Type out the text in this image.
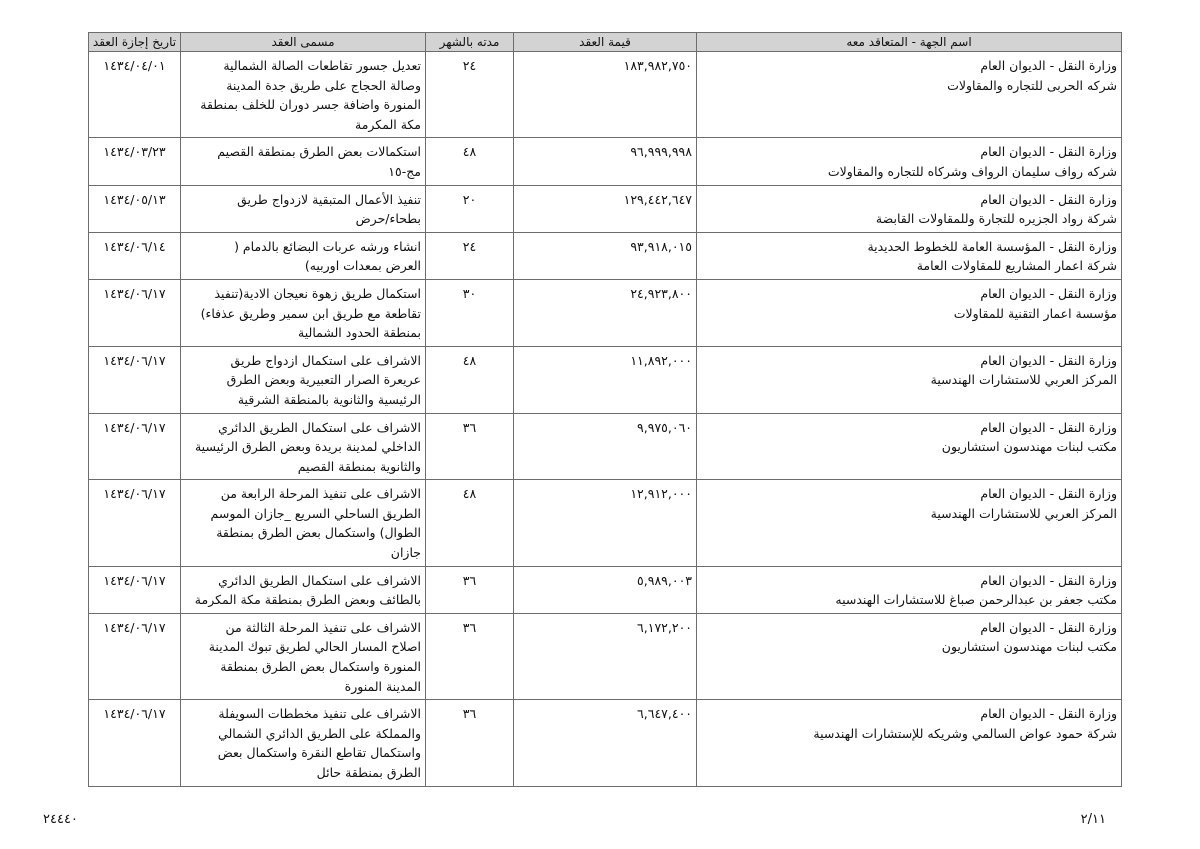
اسم الجهة - المتعاقد معه	قيمة العقد	مدته بالشهر	مسمى العقد	تاريخ إجازة العقد

وزارة النقل - الديوان العام
شركه الحربى للتجاره والمقاولات	١٨٣,٩٨٢,٧٥٠	٢٤	تعديل جسور تقاطعات الصالة الشمالية
وصالة الحجاج على طريق جدة المدينة
المنورة واضافة جسر دوران للخلف بمنطقة
مكة المكرمة	١٤٣٤/٠٤/٠١

وزارة النقل - الديوان العام
شركه رواف سليمان الرواف وشركاه للتجاره والمقاولات	٩٦,٩٩٩,٩٩٨	٤٨	استكمالات بعض الطرق بمنطقة القصيم
مج-١٥	١٤٣٤/٠٣/٢٣

وزارة النقل - الديوان العام
شركة رواد الجزيره للتجارة وللمقاولات القابضة	١٢٩,٤٤٢,٦٤٧	٢٠	تنفيذ الأعمال المتبقية لازدواج طريق
بطحاء/حرض	١٤٣٤/٠٥/١٣

وزارة النقل - المؤسسة العامة للخطوط الحديدية
شركة اعمار المشاريع للمقاولات العامة	٩٣,٩١٨,٠١٥	٢٤	انشاء ورشه عربات البضائع بالدمام (
العرض بمعدات اوربيه)	١٤٣٤/٠٦/١٤

وزارة النقل - الديوان العام
مؤسسة اعمار التقنية للمقاولات	٢٤,٩٢٣,٨٠٠	٣٠	استكمال طريق زهوة نعيجان الادية(تنفيذ
تقاطعة مع طريق ابن سمير وطريق عذفاء)
بمنطقة الحدود الشمالية	١٤٣٤/٠٦/١٧

وزارة النقل - الديوان العام
المركز العربي للاستشارات الهندسية	١١,٨٩٢,٠٠٠	٤٨	الاشراف على استكمال ازدواج طريق
عريعرة الصرار التعبيرية وبعض الطرق
الرئيسية والثانوية بالمنطقة الشرقية	١٤٣٤/٠٦/١٧

وزارة النقل - الديوان العام
مكتب لبنات مهندسون استشاريون	٩,٩٧٥,٠٦٠	٣٦	الاشراف على استكمال الطريق الدائري
الداخلي لمدينة بريدة وبعض الطرق الرئيسية
والثانوية بمنطقة القصيم	١٤٣٤/٠٦/١٧

وزارة النقل - الديوان العام
المركز العربي للاستشارات الهندسية	١٢,٩١٢,٠٠٠	٤٨	الاشراف على تنفيذ المرحلة الرابعة من
الطريق الساحلي السريع _جازان الموسم
الطوال) واستكمال بعض الطرق بمنطقة
جازان	١٤٣٤/٠٦/١٧

وزارة النقل - الديوان العام
مكتب جعفر بن عبدالرحمن صباغ للاستشارات الهندسيه	٥,٩٨٩,٠٠٣	٣٦	الاشراف على استكمال الطريق الدائري
بالطائف وبعض الطرق بمنطقة مكة المكرمة	١٤٣٤/٠٦/١٧

وزارة النقل - الديوان العام
مكتب لبنات مهندسون استشاريون	٦,١٧٢,٢٠٠	٣٦	الاشراف على تنفيذ المرحلة الثالثة من
اصلاح المسار الحالي لطريق تبوك المدينة
المنورة واستكمال بعض الطرق بمنطقة
المدينة المنورة	١٤٣٤/٠٦/١٧

وزارة النقل - الديوان العام
شركة حمود عواض السالمي وشريكه للإستشارات الهندسية	٦,٦٤٧,٤٠٠	٣٦	الاشراف على تنفيذ مخططات السويفلة
والمملكة على الطريق الدائري الشمالي
واستكمال تقاطع النقرة واستكمال بعض
الطرق بمنطقة حائل	١٤٣٤/٠٦/١٧
٢٤٤٤٠	٢/١١
